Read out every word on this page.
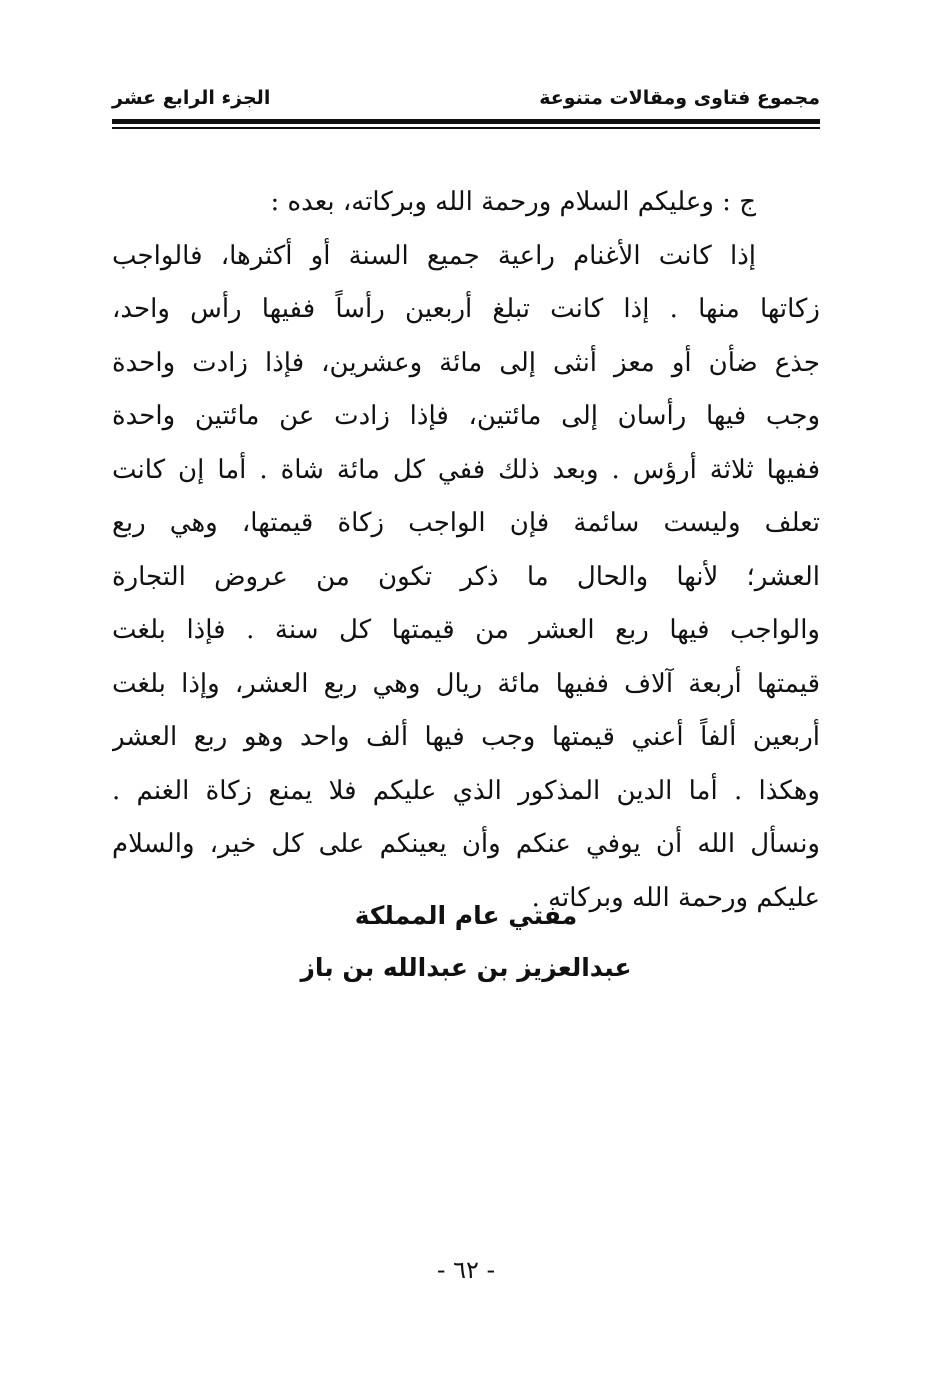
مجموع فتاوى ومقالات متنوعة
الجزء الرابع عشر
ج : وعليكم السلام ورحمة الله وبركاته، بعده :
إذا كانت الأغنام راعية جميع السنة أو أكثرها، فالواجب
زكاتها منها . إذا كانت تبلغ أربعين رأساً ففيها رأس واحد،
جذع ضأن أو معز أنثى إلى مائة وعشرين، فإذا زادت واحدة
وجب فيها رأسان إلى مائتين، فإذا زادت عن مائتين واحدة
ففيها ثلاثة أرؤس . وبعد ذلك ففي كل مائة شاة . أما إن كانت
تعلف وليست سائمة فإن الواجب زكاة قيمتها، وهي ربع
العشر؛ لأنها والحال ما ذكر تكون من عروض التجارة
والواجب فيها ربع العشر من قيمتها كل سنة . فإذا بلغت
قيمتها أربعة آلاف ففيها مائة ريال وهي ربع العشر، وإذا بلغت
أربعين ألفاً أعني قيمتها وجب فيها ألف واحد وهو ربع العشر
وهكذا . أما الدين المذكور الذي عليكم فلا يمنع زكاة الغنم .
ونسأل الله أن يوفي عنكم وأن يعينكم على كل خير، والسلام
عليكم ورحمة الله وبركاته .
مفتي عام المملكة
عبدالعزيز بن عبدالله بن باز
- ٦٢ -
